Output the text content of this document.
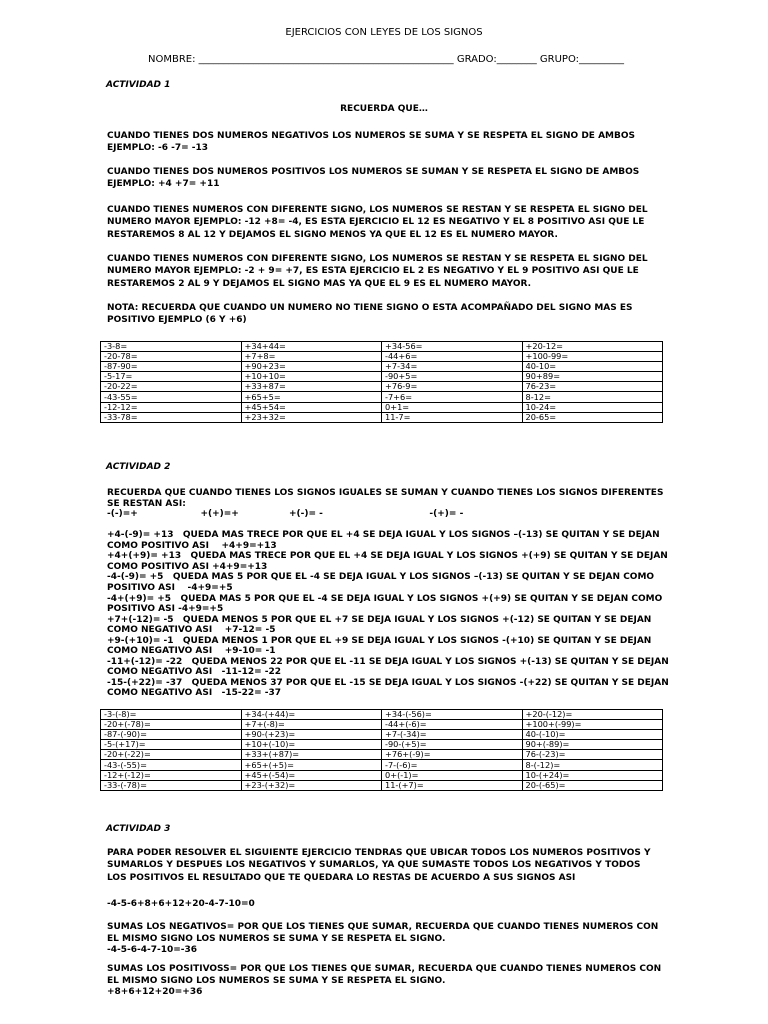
EJERCICIOS CON LEYES DE LOS SIGNOS
NOMBRE: ___________________________________________________ GRADO:________ GRUPO:_________
ACTIVIDAD 1
RECUERDA QUE…

CUANDO TIENES DOS NUMEROS NEGATIVOS LOS NUMEROS SE SUMA Y SE RESPETA EL SIGNO DE AMBOS EJEMPLO: -6 -7= -13

CUANDO TIENES DOS NUMEROS POSITIVOS LOS NUMEROS SE SUMAN Y SE RESPETA EL SIGNO DE AMBOS EJEMPLO: +4 +7= +11

CUANDO TIENES NUMEROS CON DIFERENTE SIGNO, LOS NUMEROS SE RESTAN Y SE RESPETA EL SIGNO DEL NUMERO MAYOR EJEMPLO: -12 +8= -4, ES ESTA EJERCICIO EL 12 ES NEGATIVO Y EL 8 POSITIVO ASI QUE LE RESTAREMOS 8 AL 12 Y DEJAMOS EL SIGNO MENOS YA QUE EL 12 ES EL NUMERO MAYOR.

CUANDO TIENES NUMEROS CON DIFERENTE SIGNO, LOS NUMEROS SE RESTAN Y SE RESPETA EL SIGNO DEL NUMERO MAYOR EJEMPLO: -2 + 9= +7, ES ESTA EJERCICIO EL 2 ES NEGATIVO Y EL 9 POSITIVO ASI QUE LE RESTAREMOS 2 AL 9 Y DEJAMOS EL SIGNO MAS YA QUE EL 9 ES EL NUMERO MAYOR.

NOTA: RECUERDA QUE CUANDO UN NUMERO NO TIENE SIGNO O ESTA ACOMPAÑADO DEL SIGNO MAS ES POSITIVO EJEMPLO (6 Y +6)

-3-8=	+34+44=	+34-56=	+20-12=
-20-78=	+7+8=	-44+6=	+100-99=
-87-90=	+90+23=	+7-34=	40-10=
-5-17=	+10+10=	-90+5=	90+89=
-20-22=	+33+87=	+76-9=	76-23=
-43-55=	+65+5=	-7+6=	8-12=
-12-12=	+45+54=	0+1=	10-24=
-33-78=	+23+32=	11-7=	20-65=
ACTIVIDAD 2
RECUERDA QUE CUANDO TIENES LOS SIGNOS IGUALES SE SUMAN Y CUANDO TIENES LOS SIGNOS DIFERENTES
SE RESTAN ASI:
-(-)=+                    +(+)=+                +(-)= -                                  -(+)= -
+4-(-9)= +13   QUEDA MAS TRECE POR QUE EL +4 SE DEJA IGUAL Y LOS SIGNOS –(-13) SE QUITAN Y SE DEJAN
COMO POSITIVO ASI    +4+9=+13
+4+(+9)= +13   QUEDA MAS TRECE POR QUE EL +4 SE DEJA IGUAL Y LOS SIGNOS +(+9) SE QUITAN Y SE DEJAN
COMO POSITIVO ASI +4+9=+13
-4-(-9)= +5   QUEDA MAS 5 POR QUE EL -4 SE DEJA IGUAL Y LOS SIGNOS –(-13) SE QUITAN Y SE DEJAN COMO
POSITIVO ASI    -4+9=+5
-4+(+9)= +5   QUEDA MAS 5 POR QUE EL -4 SE DEJA IGUAL Y LOS SIGNOS +(+9) SE QUITAN Y SE DEJAN COMO
POSITIVO ASI -4+9=+5
+7+(-12)= -5   QUEDA MENOS 5 POR QUE EL +7 SE DEJA IGUAL Y LOS SIGNOS +(-12) SE QUITAN Y SE DEJAN
COMO NEGATIVO ASI    +7-12= -5
+9-(+10)= -1   QUEDA MENOS 1 POR QUE EL +9 SE DEJA IGUAL Y LOS SIGNOS -(+10) SE QUITAN Y SE DEJAN
COMO NEGATIVO ASI    +9-10= -1
-11+(-12)= -22   QUEDA MENOS 22 POR QUE EL -11 SE DEJA IGUAL Y LOS SIGNOS +(-13) SE QUITAN Y SE DEJAN
COMO NEGATIVO ASI   -11-12= -22
-15-(+22)= -37   QUEDA MENOS 37 POR QUE EL -15 SE DEJA IGUAL Y LOS SIGNOS -(+22) SE QUITAN Y SE DEJAN
COMO NEGATIVO ASI   -15-22= -37
-3-(-8)=	+34-(+44)=	+34-(-56)=	+20-(-12)=
-20+(-78)=	+7+(-8)=	-44+(-6)=	+100+(-99)=
-87-(-90)=	+90-(+23)=	+7-(-34)=	40-(-10)=
-5-(+17)=	+10+(-10)=	-90-(+5)=	90+(-89)=
-20+(-22)=	+33+(+87)=	+76+(-9)=	76-(-23)=
-43-(-55)=	+65+(+5)=	-7-(-6)=	8-(-12)=
-12+(-12)=	+45+(-54)=	0+(-1)=	10-(+24)=
-33-(-78)=	+23-(+32)=	11-(+7)=	20-(-65)=
ACTIVIDAD 3

PARA PODER RESOLVER EL SIGUIENTE EJERCICIO TENDRAS QUE UBICAR TODOS LOS NUMEROS POSITIVOS Y SUMARLOS Y DESPUES LOS NEGATIVOS Y SUMARLOS, YA QUE SUMASTE TODOS LOS NEGATIVOS Y TODOS LOS POSITIVOS EL RESULTADO QUE TE QUEDARA LO RESTAS DE ACUERDO A SUS SIGNOS ASI

-4-5-6+8+6+12+20-4-7-10=0

SUMAS LOS NEGATIVOS= POR QUE LOS TIENES QUE SUMAR, RECUERDA QUE CUANDO TIENES NUMEROS CON EL MISMO SIGNO LOS NUMEROS SE SUMA Y SE RESPETA EL SIGNO.

-4-5-6-4-7-10=-36

SUMAS LOS POSITIVOSS= POR QUE LOS TIENES QUE SUMAR, RECUERDA QUE CUANDO TIENES NUMEROS CON EL MISMO SIGNO LOS NUMEROS SE SUMA Y SE RESPETA EL SIGNO.

+8+6+12+20=+36
